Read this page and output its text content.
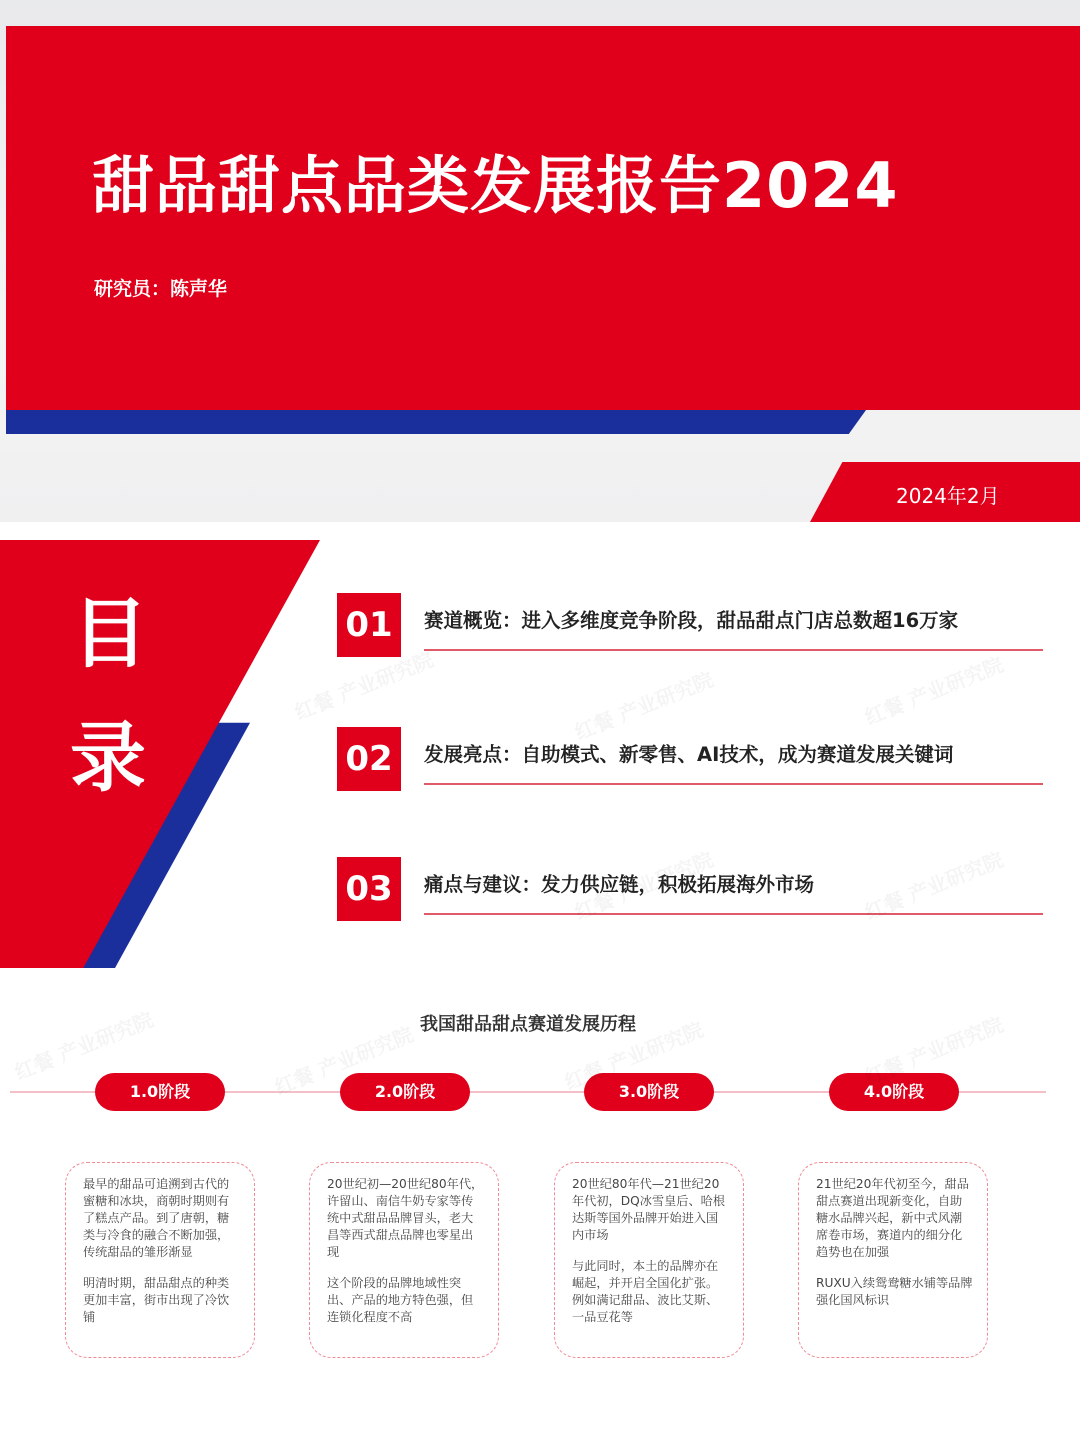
甜品甜点品类发展报告2024
研究员：陈声华
2024年2月
目
录
01	赛道概览：进入多维度竞争阶段，甜品甜点门店总数超16万家
02	发展亮点：自助模式、新零售、AI技术，成为赛道发展关键词
03	痛点与建议：发力供应链，积极拓展海外市场
我国甜品甜点赛道发展历程
1.0阶段	2.0阶段	3.0阶段	4.0阶段

最早的甜品可追溯到古代的蜜糖和冰块，商朝时期则有了糕点产品。到了唐朝，糖类与冷食的融合不断加强，传统甜品的雏形渐显

明清时期，甜品甜点的种类更加丰富，街市出现了冷饮铺

20世纪初—20世纪80年代，许留山、南信牛奶专家等传统中式甜品品牌冒头，老大昌等西式甜点品牌也零星出现

这个阶段的品牌地域性突出、产品的地方特色强，但连锁化程度不高

20世纪80年代—21世纪20年代初，DQ冰雪皇后、哈根达斯等国外品牌开始进入国内市场

与此同时，本土的品牌亦在崛起，并开启全国化扩张。例如满记甜品、波比艾斯、一品豆花等

21世纪20年代初至今，甜品甜点赛道出现新变化，自助糖水品牌兴起，新中式风潮席卷市场，赛道内的细分化趋势也在加强

RUXU入续鸳鸯糖水铺等品牌强化国风标识
